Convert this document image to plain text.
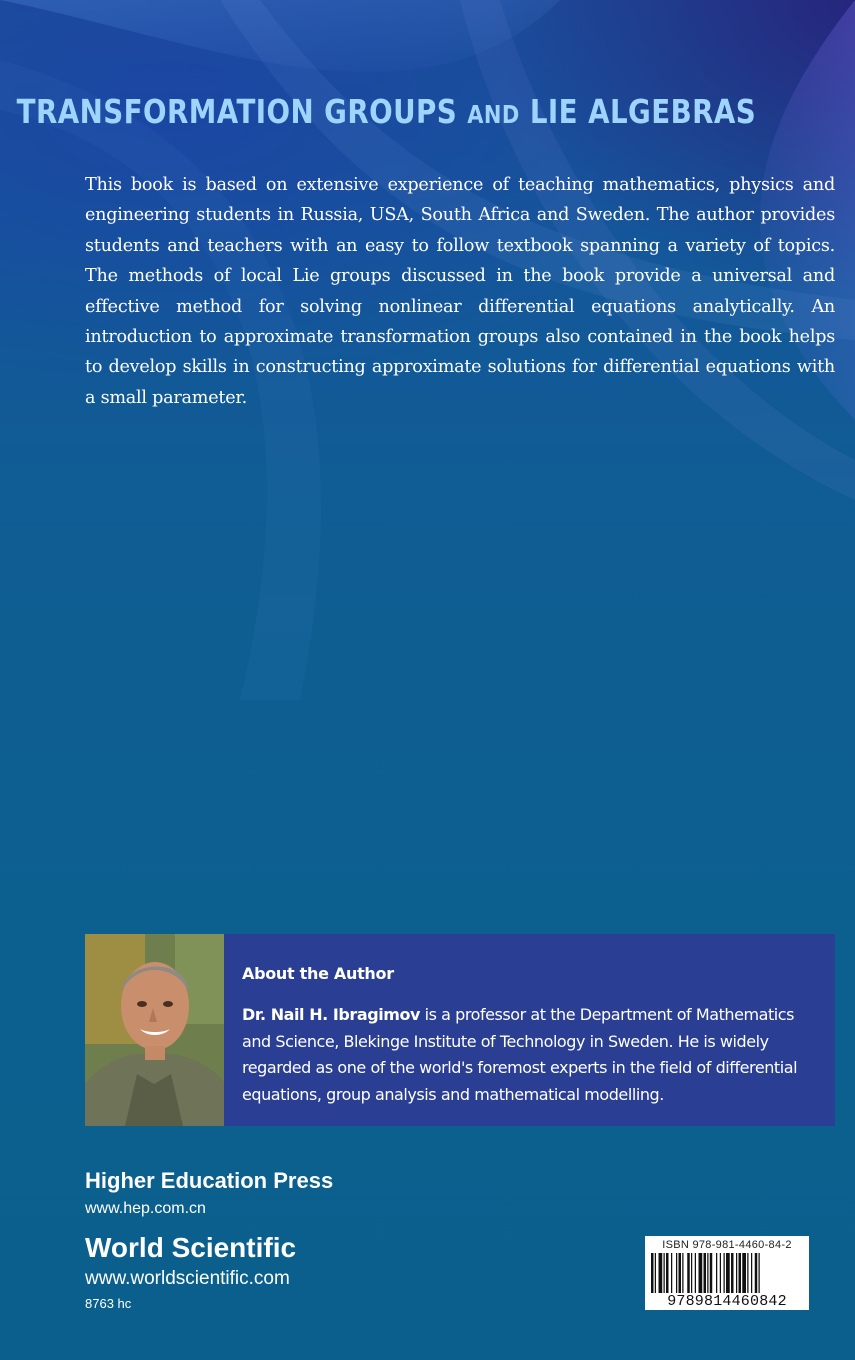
TRANSFORMATION GROUPS AND LIE ALGEBRAS

This book is based on extensive experience of teaching mathematics, physics and engineering students in Russia, USA, South Africa and Sweden. The author provides students and teachers with an easy to follow textbook spanning a variety of topics. The methods of local Lie groups discussed in the book provide a universal and effective method for solving nonlinear differential equations analytically. An introduction to approximate transformation groups also contained in the book helps to develop skills in constructing approximate solutions for differential equations with a small parameter.

About the Author

Dr. Nail H. Ibragimov is a professor at the Department of Mathematics and Science, Blekinge Institute of Technology in Sweden. He is widely regarded as one of the world's foremost experts in the field of differential equations, group analysis and mathematical modelling.

Higher Education Press
www.hep.com.cn
World Scientific
www.worldscientific.com
8763 hc
ISBN 978-981-4460-84-2
9789814460842
